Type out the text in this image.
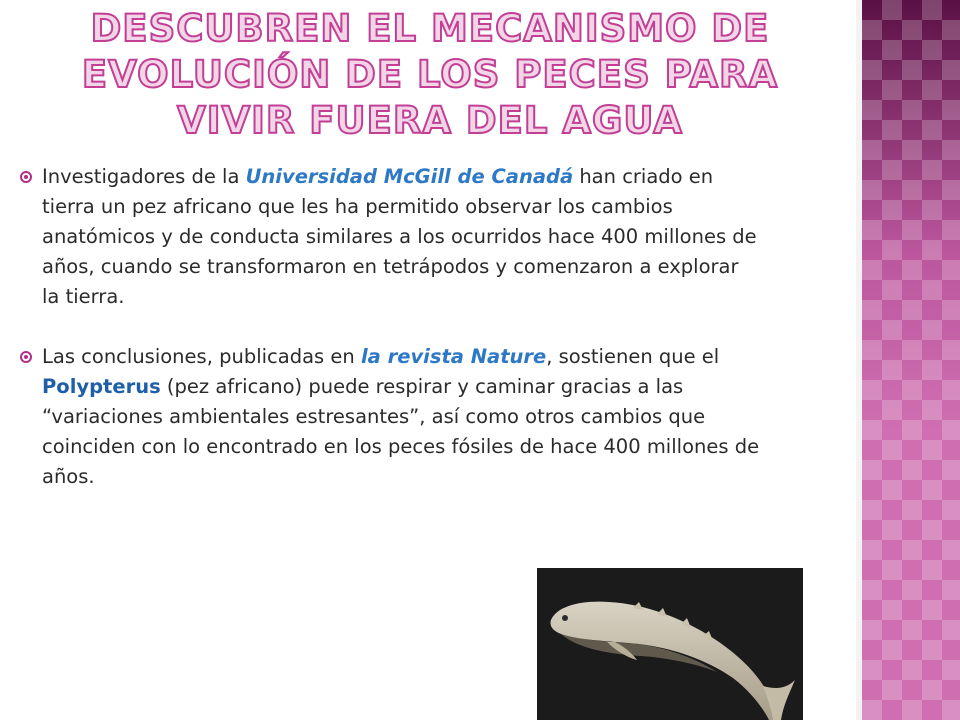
DESCUBREN EL MECANISMO DE EVOLUCIÓN DE LOS PECES PARA VIVIR FUERA DEL AGUA
Investigadores de la Universidad McGill de Canadá han criado en tierra un pez africano que les ha permitido observar los cambios anatómicos y de conducta similares a los ocurridos hace 400 millones de años, cuando se transformaron en tetrápodos y comenzaron a explorar la tierra.
Las conclusiones, publicadas en la revista Nature, sostienen que el Polypterus (pez africano) puede respirar y caminar gracias a las “variaciones ambientales estresantes”, así como otros cambios que coinciden con lo encontrado en los peces fósiles de hace 400 millones de años.
